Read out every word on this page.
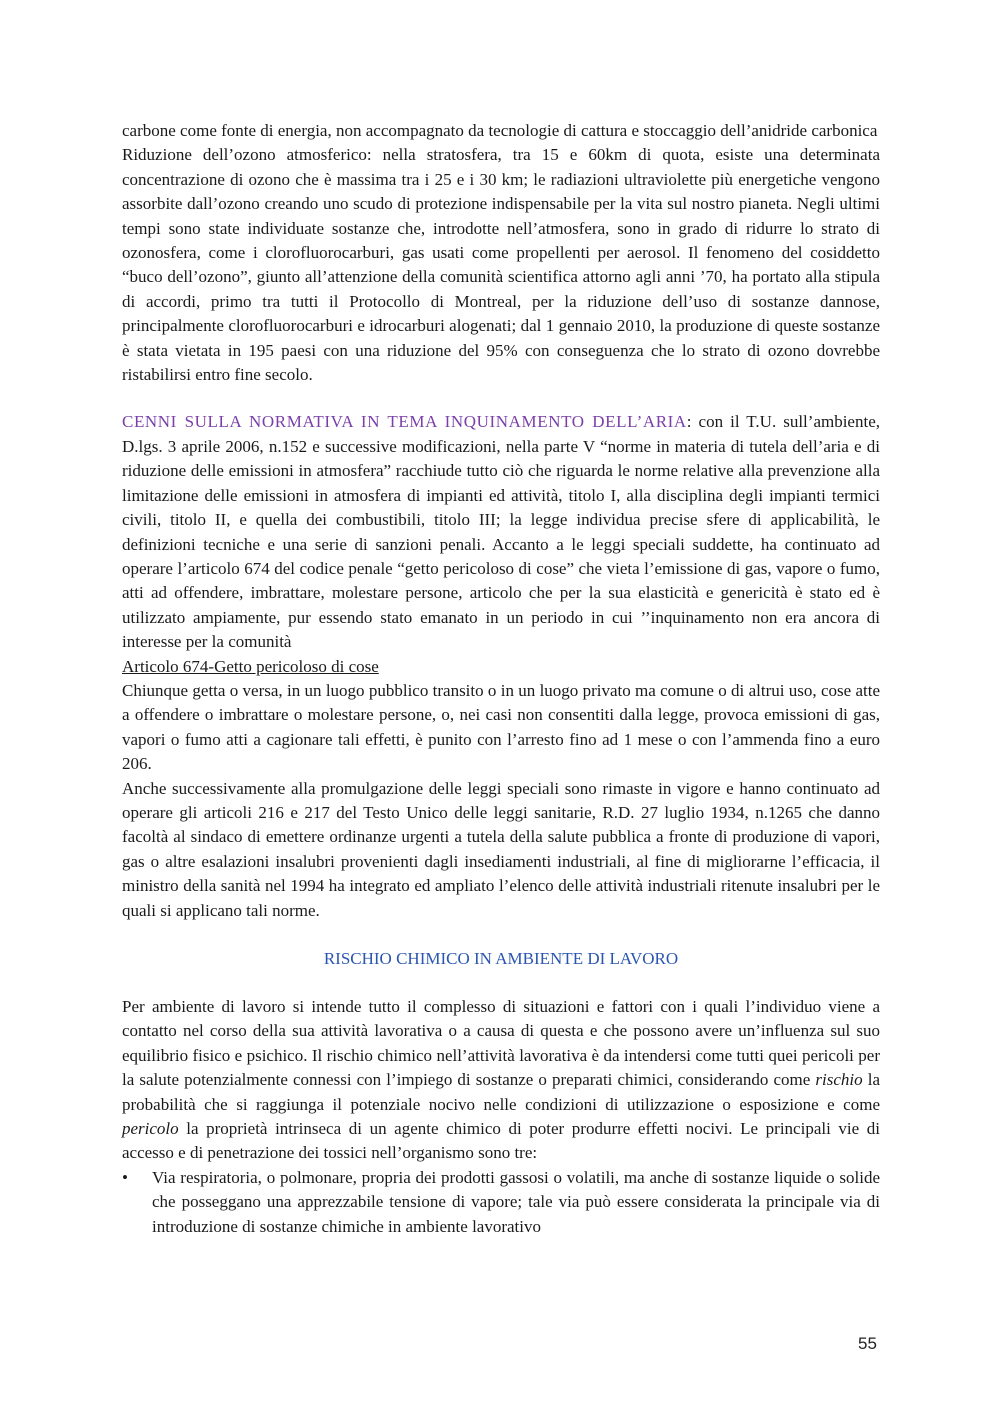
carbone come fonte di energia, non accompagnato da tecnologie di cattura e stoccaggio dell’anidride carbonica

Riduzione dell’ozono atmosferico: nella stratosfera, tra 15 e 60km di quota, esiste una determinata concentrazione di ozono che è massima tra i 25 e i 30 km; le radiazioni ultraviolette più energetiche vengono assorbite dall’ozono creando uno scudo di protezione indispensabile per la vita sul nostro pianeta. Negli ultimi tempi sono state individuate sostanze che, introdotte nell’atmosfera, sono in grado di ridurre lo strato di ozonosfera, come i clorofluorocarburi, gas usati come propellenti per aerosol. Il fenomeno del cosiddetto “buco dell’ozono”, giunto all’attenzione della comunità scientifica attorno agli anni ’70, ha portato alla stipula di accordi, primo tra tutti il Protocollo di Montreal, per la riduzione dell’uso di sostanze dannose, principalmente clorofluorocarburi e idrocarburi alogenati; dal 1 gennaio 2010, la produzione di queste sostanze è stata vietata in 195 paesi con una riduzione del 95% con conseguenza che lo strato di ozono dovrebbe ristabilirsi entro fine secolo.

CENNI SULLA NORMATIVA IN TEMA INQUINAMENTO DELL’ARIA: con il T.U. sull’ambiente, D.lgs. 3 aprile 2006, n.152 e successive modificazioni, nella parte V “norme in materia di tutela dell’aria e di riduzione delle emissioni in atmosfera” racchiude tutto ciò che riguarda le norme relative alla prevenzione alla limitazione delle emissioni in atmosfera di impianti ed attività, titolo I, alla disciplina degli impianti termici civili, titolo II, e quella dei combustibili, titolo III; la legge individua precise sfere di applicabilità, le definizioni tecniche e una serie di sanzioni penali. Accanto a le leggi speciali suddette, ha continuato ad operare l’articolo 674 del codice penale “getto pericoloso di cose” che vieta l’emissione di gas, vapore o fumo, atti ad offendere, imbrattare, molestare persone, articolo che per la sua elasticità e genericità è stato ed è utilizzato ampiamente, pur essendo stato emanato in un periodo in cui ’’inquinamento non era ancora di interesse per la comunità

Articolo 674-Getto pericoloso di cose

Chiunque getta o versa, in un luogo pubblico transito o in un luogo privato ma comune o di altrui uso, cose atte a offendere o imbrattare o molestare persone, o, nei casi non consentiti dalla legge, provoca emissioni di gas, vapori o fumo atti a cagionare tali effetti, è punito con l’arresto fino ad 1 mese o con l’ammenda fino a euro 206.

Anche successivamente alla promulgazione delle leggi speciali sono rimaste in vigore e hanno continuato ad operare gli articoli 216 e 217 del Testo Unico delle leggi sanitarie, R.D. 27 luglio 1934, n.1265 che danno facoltà al sindaco di emettere ordinanze urgenti a tutela della salute pubblica a fronte di produzione di vapori, gas o altre esalazioni insalubri provenienti dagli insediamenti industriali, al fine di migliorarne l’efficacia, il ministro della sanità nel 1994 ha integrato ed ampliato l’elenco delle attività industriali ritenute insalubri per le quali si applicano tali norme.

RISCHIO CHIMICO IN AMBIENTE DI LAVORO

Per ambiente di lavoro si intende tutto il complesso di situazioni e fattori con i quali l’individuo viene a contatto nel corso della sua attività lavorativa o a causa di questa e che possono avere un’influenza sul suo equilibrio fisico e psichico. Il rischio chimico nell’attività lavorativa è da intendersi come tutti quei pericoli per la salute potenzialmente connessi con l’impiego di sostanze o preparati chimici, considerando come rischio la probabilità che si raggiunga il potenziale nocivo nelle condizioni di utilizzazione o esposizione e come pericolo la proprietà intrinseca di un agente chimico di poter produrre effetti nocivi. Le principali vie di accesso e di penetrazione dei tossici nell’organismo sono tre:

•	Via respiratoria, o polmonare, propria dei prodotti gassosi o volatili, ma anche di sostanze liquide o solide che posseggano una apprezzabile tensione di vapore; tale via può essere considerata la principale via di introduzione di sostanze chimiche in ambiente lavorativo

55
